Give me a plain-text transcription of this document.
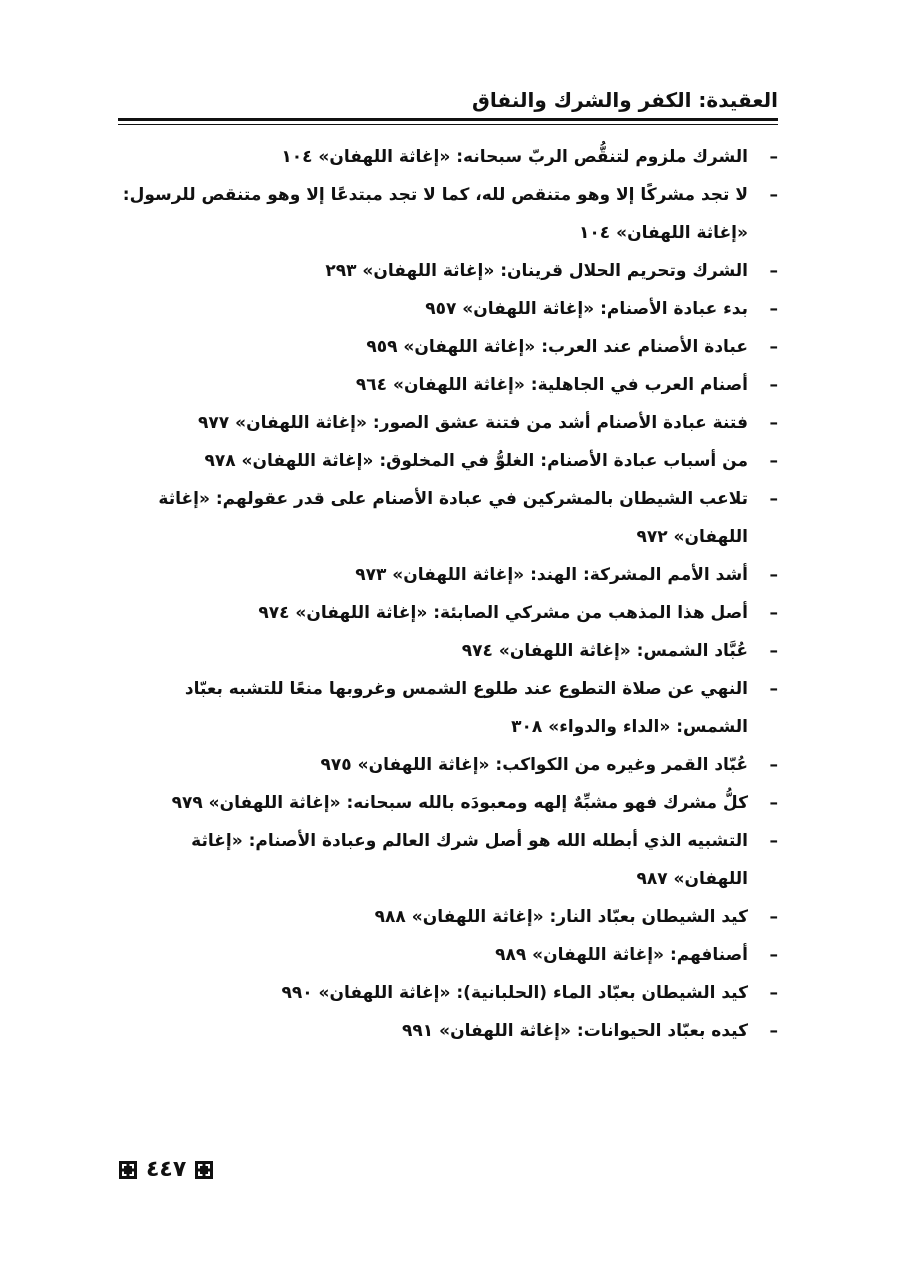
العقيدة: الكفر والشرك والنفاق
–
الشرك ملزوم لتنقُّص الربّ سبحانه: «إغاثة اللهفان» ١٠٤
–
لا تجد مشركًا إلا وهو متنقص لله، كما لا تجد مبتدعًا إلا وهو متنقص للرسول: «إغاثة اللهفان» ١٠٤
–
الشرك وتحريم الحلال قرينان: «إغاثة اللهفان» ٢٩٣
–
بدء عبادة الأصنام: «إغاثة اللهفان» ٩٥٧
–
عبادة الأصنام عند العرب: «إغاثة اللهفان» ٩٥٩
–
أصنام العرب في الجاهلية: «إغاثة اللهفان» ٩٦٤
–
فتنة عبادة الأصنام أشد من فتنة عشق الصور: «إغاثة اللهفان» ٩٧٧
–
من أسباب عبادة الأصنام: الغلوُّ في المخلوق: «إغاثة اللهفان» ٩٧٨
–
تلاعب الشيطان بالمشركين في عبادة الأصنام على قدر عقولهم: «إغاثة اللهفان» ٩٧٢
–
أشد الأمم المشركة: الهند: «إغاثة اللهفان» ٩٧٣
–
أصل هذا المذهب من مشركي الصابئة: «إغاثة اللهفان» ٩٧٤
–
عُبَّاد الشمس: «إغاثة اللهفان» ٩٧٤
–
النهي عن صلاة التطوع عند طلوع الشمس وغروبها منعًا للتشبه بعبّاد الشمس: «الداء والدواء» ٣٠٨
–
عُبّاد القمر وغيره من الكواكب: «إغاثة اللهفان» ٩٧٥
–
كلُّ مشرك فهو مشبِّهٌ إلهه ومعبودَه بالله سبحانه: «إغاثة اللهفان» ٩٧٩
–
التشبيه الذي أبطله الله هو أصل شرك العالم وعبادة الأصنام: «إغاثة اللهفان» ٩٨٧
–
كيد الشيطان بعبّاد النار: «إغاثة اللهفان» ٩٨٨
–
أصنافهم: «إغاثة اللهفان» ٩٨٩
–
كيد الشيطان بعبّاد الماء (الحلبانية): «إغاثة اللهفان» ٩٩٠
–
كيده بعبّاد الحيوانات: «إغاثة اللهفان» ٩٩١
٤٤٧
